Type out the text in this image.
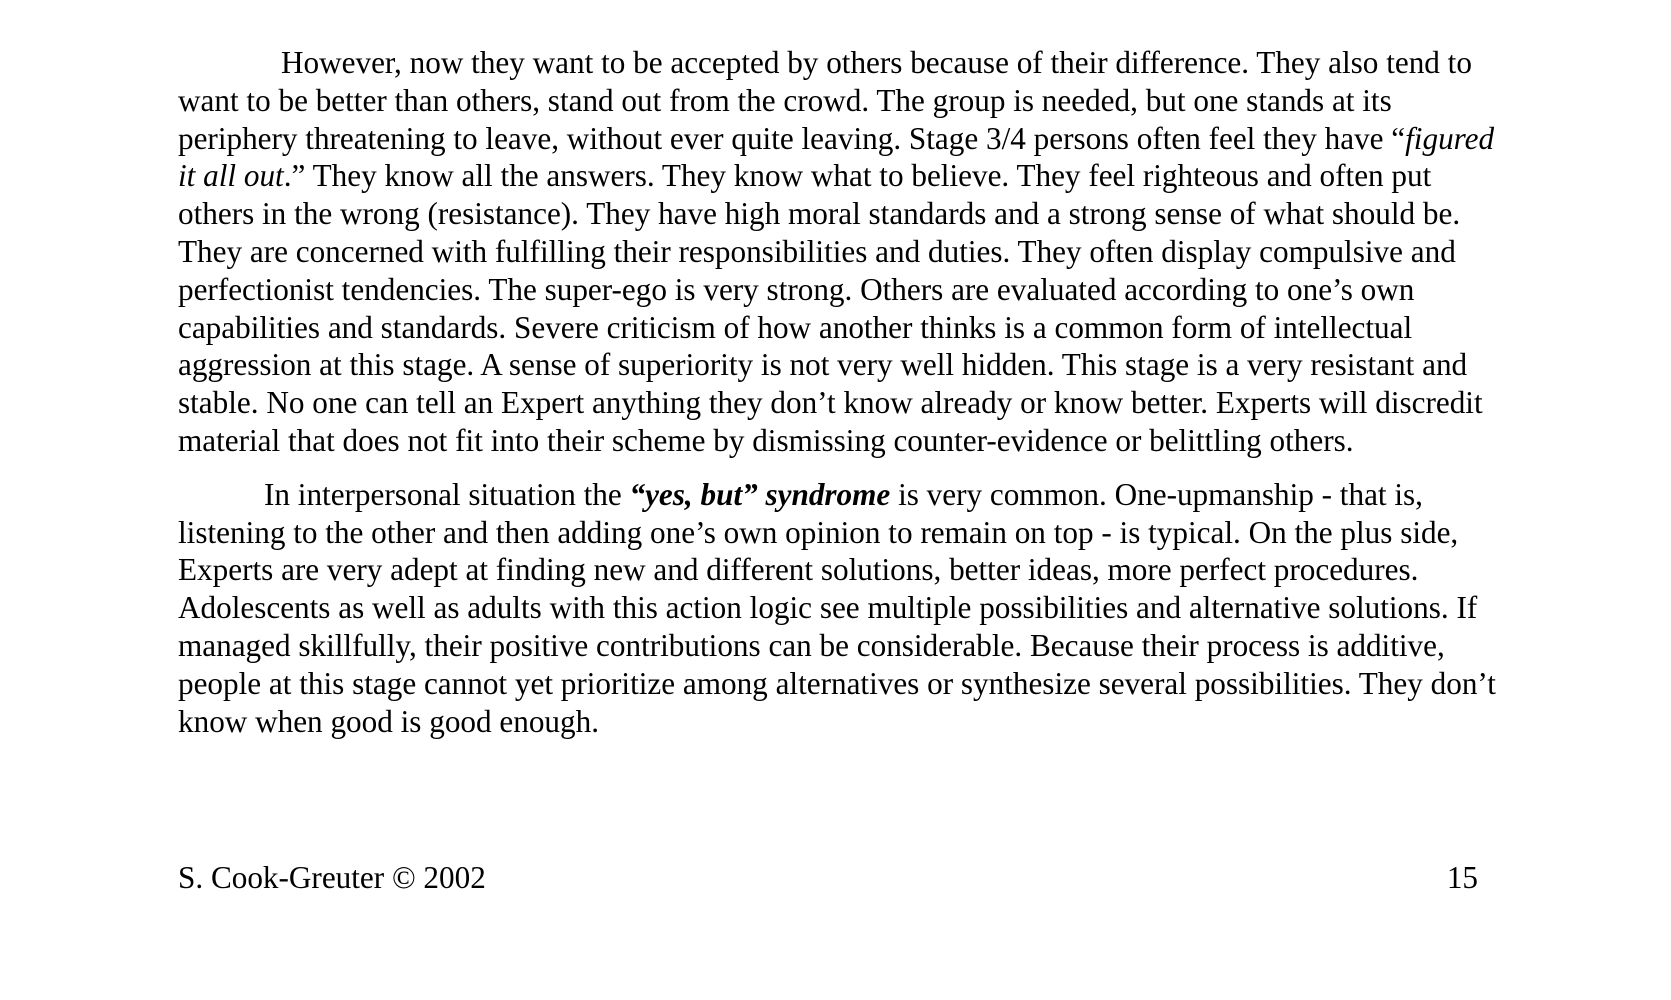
However, now they want to be accepted by others because of their difference. They also tend to want to be better than others, stand out from the crowd. The group is needed, but one stands at its periphery threatening to leave, without ever quite leaving. Stage 3/4 persons often feel they have “figured it all out.” They know all the answers. They know what to believe. They feel righteous and often put others in the wrong (resistance). They have high moral standards and a strong sense of what should be. They are concerned with fulfilling their responsibilities and duties. They often display compulsive and perfectionist tendencies. The super-ego is very strong. Others are evaluated according to one’s own capabilities and standards. Severe criticism of how another thinks is a common form of intellectual aggression at this stage. A sense of superiority is not very well hidden. This stage is a very resistant and stable. No one can tell an Expert anything they don’t know already or know better. Experts will discredit material that does not fit into their scheme by dismissing counter-evidence or belittling others.

In interpersonal situation the “yes, but” syndrome is very common. One-upmanship - that is, listening to the other and then adding one’s own opinion to remain on top - is typical. On the plus side, Experts are very adept at finding new and different solutions, better ideas, more perfect procedures. Adolescents as well as adults with this action logic see multiple possibilities and alternative solutions. If managed skillfully, their positive contributions can be considerable. Because their process is additive, people at this stage cannot yet prioritize among alternatives or synthesize several possibilities. They don’t know when good is good enough.

S. Cook-Greuter © 2002	15
